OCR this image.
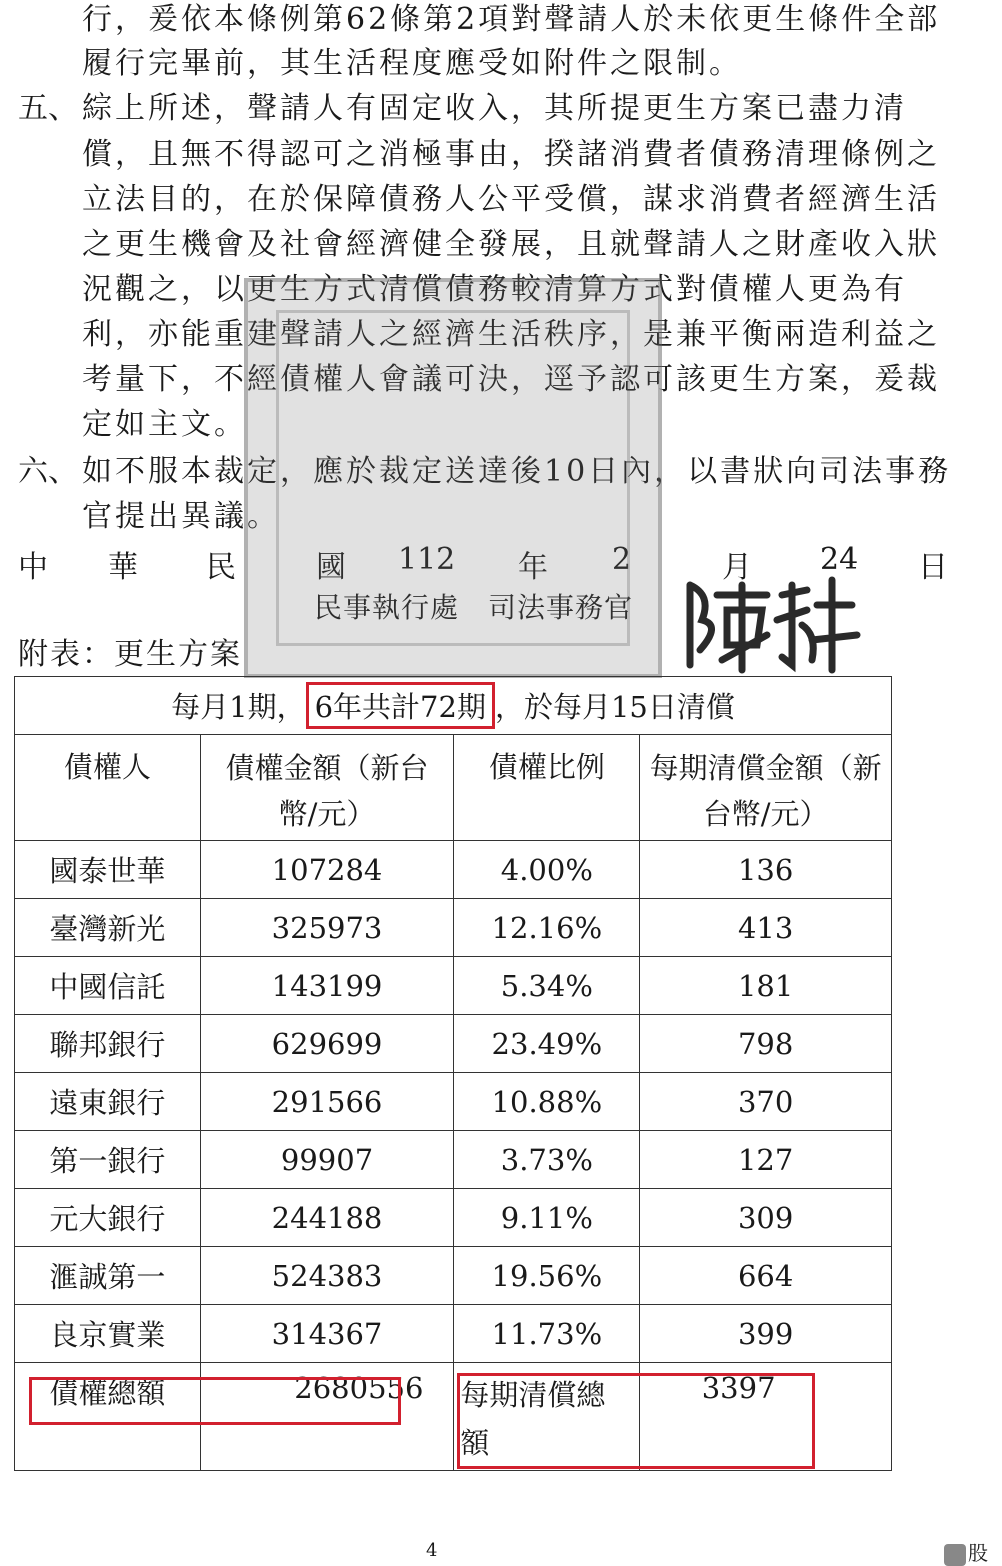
行，爰依本條例第62條第2項對聲請人於未依更生條件全部
履行完畢前，其生活程度應受如附件之限制。
五、 綜上所述，聲請人有固定收入，其所提更生方案已盡力清
償，且無不得認可之消極事由，揆諸消費者債務清理條例之
立法目的，在於保障債務人公平受償，謀求消費者經濟生活
之更生機會及社會經濟健全發展，且就聲請人之財產收入狀
況觀之，以更生方式清償債務較清算方式對債權人更為有
利，亦能重建聲請人之經濟生活秩序，是兼平衡兩造利益之
考量下，不經債權人會議可決，逕予認可該更生方案，爰裁
定如主文。
六、 如不服本裁定，應於裁定送達後10日內，以書狀向司法事務
官提出異議。
中 華 民	國 112 年 2	月 24 日
民事執行處　司法事務官
附表：更生方案
每月1期， 6年共計72期 ，於每月15日清償			
債權人	債權金額（新台幣/元）	債權比例	每期清償金額（新台幣/元）
國泰世華	107284	4.00%	136
臺灣新光	325973	12.16%	413
中國信託	143199	5.34%	181
聯邦銀行	629699	23.49%	798
遠東銀行	291566	10.88%	370
第一銀行	99907	3.73%	127
元大銀行	244188	9.11%	309
滙誠第一	524383	19.56%	664
良京實業	314367	11.73%	399
債權總額	2680556	每期清償總額	3397
4	股
